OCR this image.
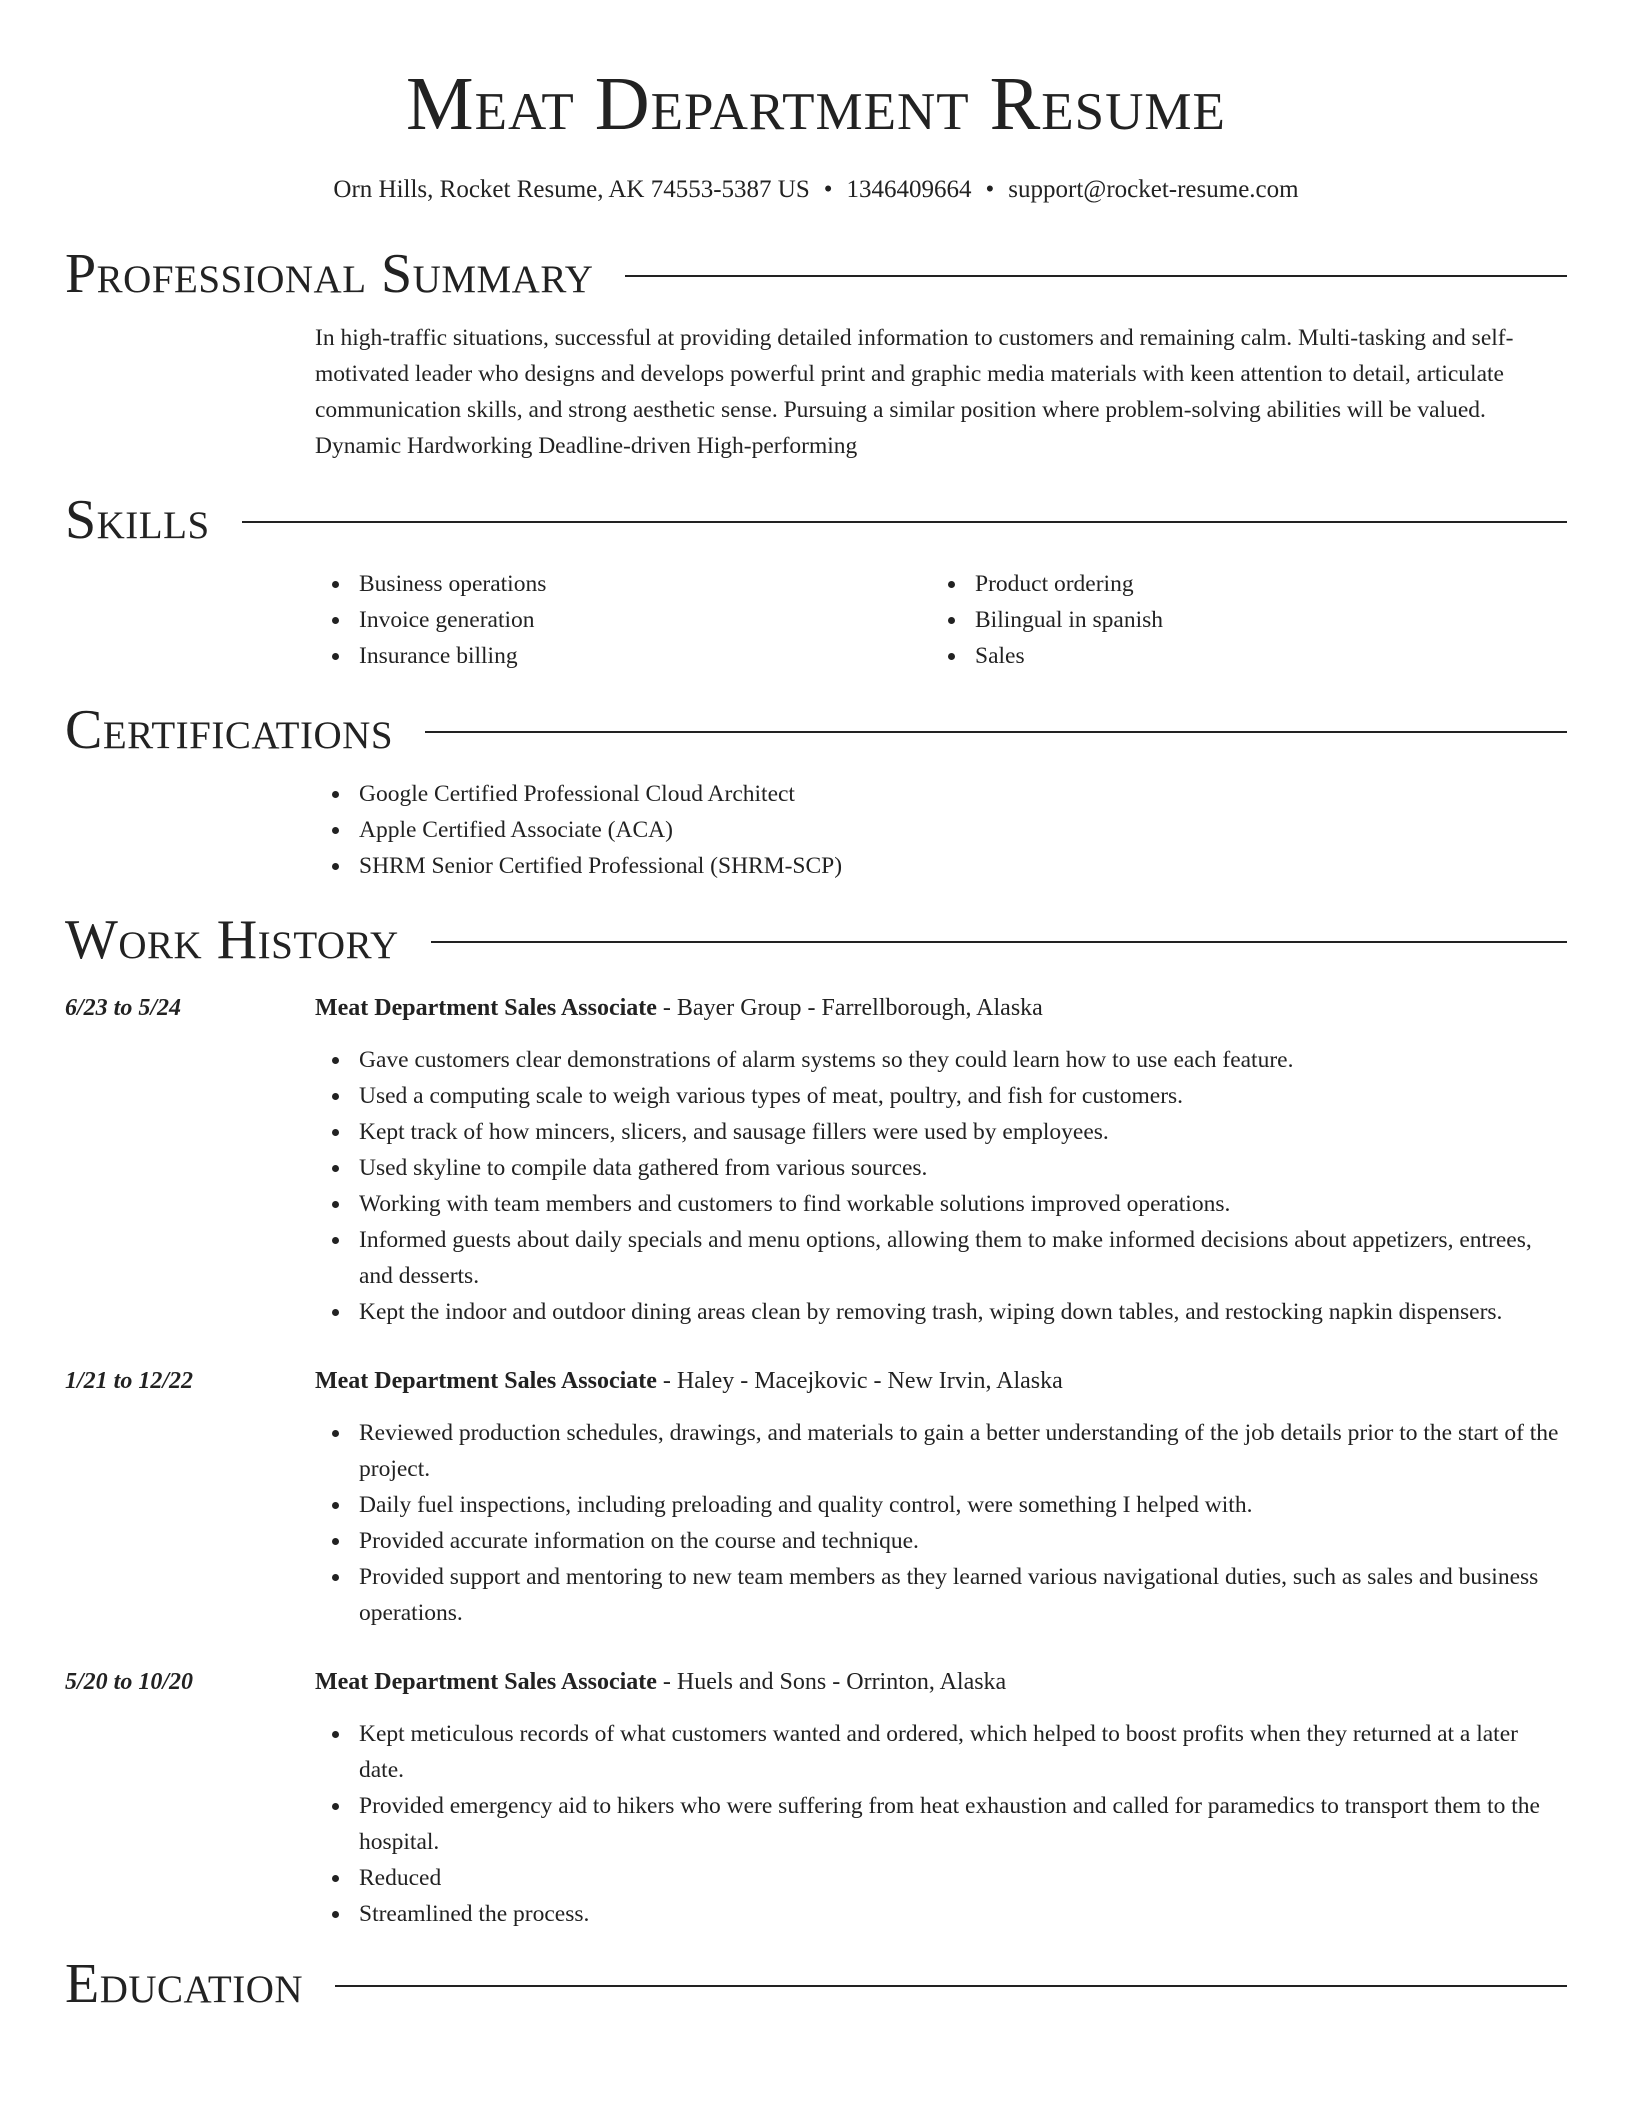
Meat Department Resume
Orn Hills, Rocket Resume, AK 74553-5387 US • 1346409664 • support@rocket-resume.com
Professional Summary

In high-traffic situations, successful at providing detailed information to customers and remaining calm. Multi-tasking and self-motivated leader who designs and develops powerful print and graphic media materials with keen attention to detail, articulate communication skills, and strong aesthetic sense. Pursuing a similar position where problem-solving abilities will be valued. Dynamic Hardworking Deadline-driven High-performing

Skills
Business operations
Invoice generation
Insurance billing
Product ordering
Bilingual in spanish
Sales
Certifications
Google Certified Professional Cloud Architect
Apple Certified Associate (ACA)
SHRM Senior Certified Professional (SHRM-SCP)
Work History
6/23 to 5/24	Meat Department Sales Associate - Bayer Group - Farrellborough, Alaska
Gave customers clear demonstrations of alarm systems so they could learn how to use each feature.
Used a computing scale to weigh various types of meat, poultry, and fish for customers.
Kept track of how mincers, slicers, and sausage fillers were used by employees.
Used skyline to compile data gathered from various sources.
Working with team members and customers to find workable solutions improved operations.
Informed guests about daily specials and menu options, allowing them to make informed decisions about appetizers, entrees, and desserts.
Kept the indoor and outdoor dining areas clean by removing trash, wiping down tables, and restocking napkin dispensers.
1/21 to 12/22	Meat Department Sales Associate - Haley - Macejkovic - New Irvin, Alaska
Reviewed production schedules, drawings, and materials to gain a better understanding of the job details prior to the start of the project.
Daily fuel inspections, including preloading and quality control, were something I helped with.
Provided accurate information on the course and technique.
Provided support and mentoring to new team members as they learned various navigational duties, such as sales and business operations.
5/20 to 10/20	Meat Department Sales Associate - Huels and Sons - Orrinton, Alaska
Kept meticulous records of what customers wanted and ordered, which helped to boost profits when they returned at a later date.
Provided emergency aid to hikers who were suffering from heat exhaustion and called for paramedics to transport them to the hospital.
Reduced
Streamlined the process.
Education
